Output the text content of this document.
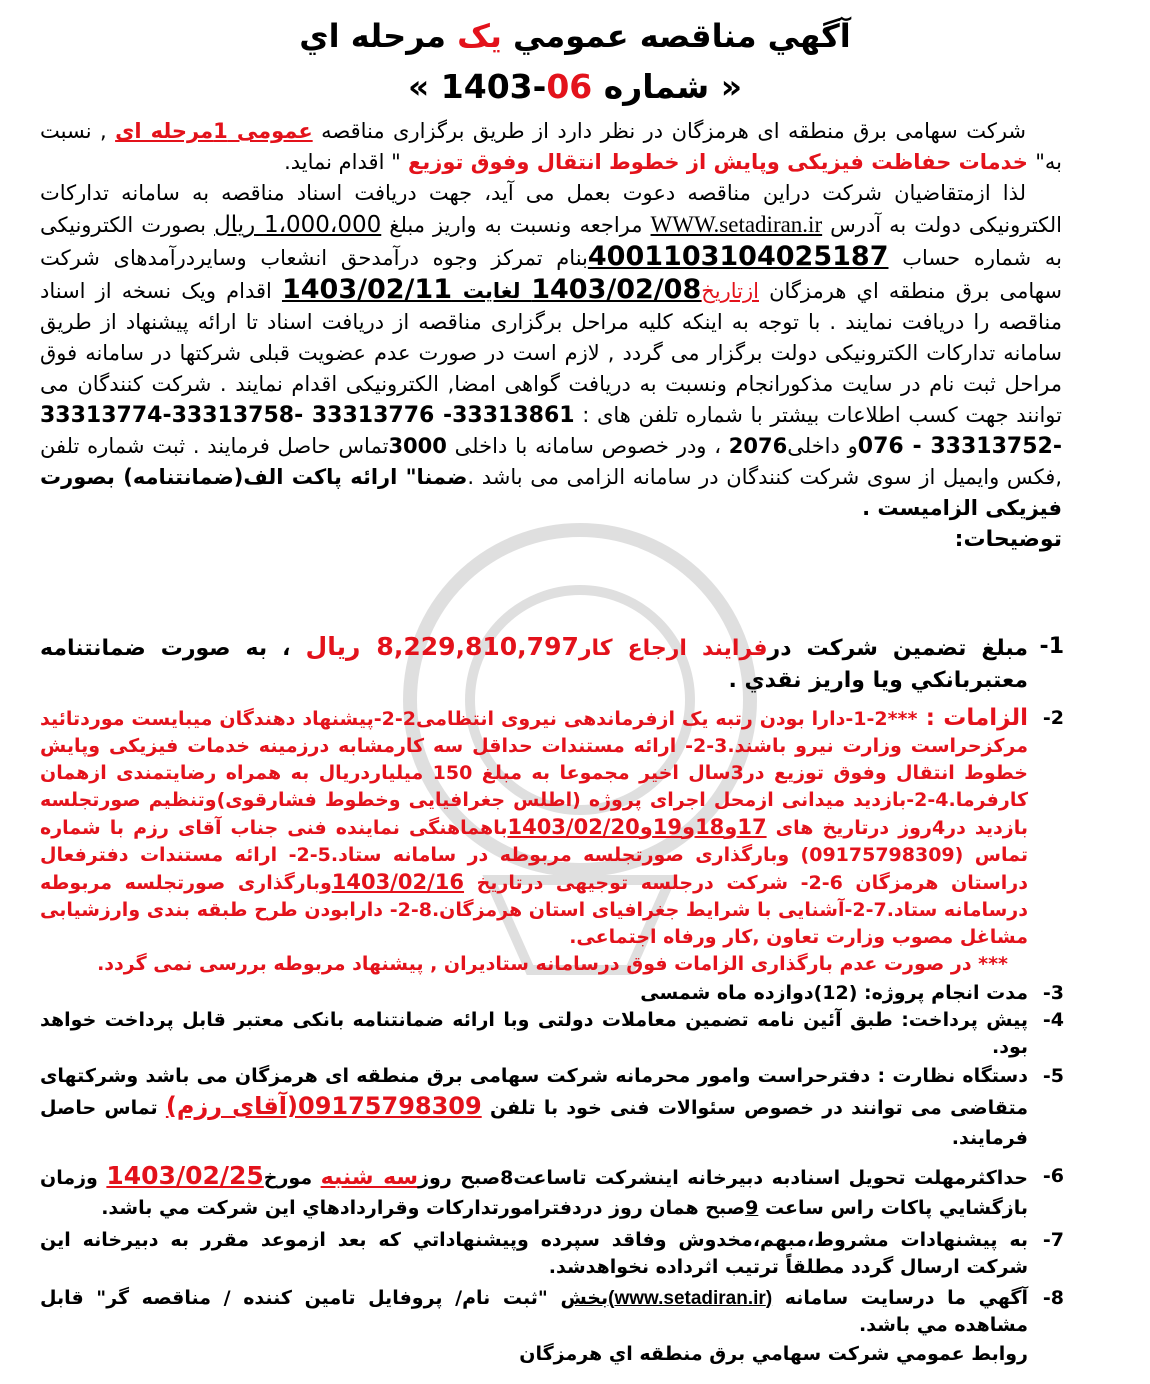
آگهي مناقصه عمومي يک مرحله اي
« شماره 06-1403 »

شرکت سهامی برق منطقه ای هرمزگان در نظر دارد از طریق برگزاری مناقصه عمومی 1مرحله ای , نسبت به" خدمات حفاظت فیزیکی وپایش از خطوط انتقال وفوق توزیع " اقدام نماید.

لذا ازمتقاضیان شرکت دراین مناقصه دعوت بعمل می آید، جهت دریافت اسناد مناقصه به سامانه تدارکات الکترونیکی دولت به آدرس WWW.setadiran.ir مراجعه ونسبت به واریز مبلغ 1،000،000 ریال بصورت الکترونیکی به شماره حساب 4001103104025187بنام تمرکز وجوه درآمدحق انشعاب وسایردرآمدهای شرکت سهامی برق منطقه اي هرمزگان ازتاریخ1403/02/08 لغایت 1403/02/11 اقدام ویک نسخه از اسناد مناقصه را دریافت نمایند . با توجه به اینکه کلیه مراحل برگزاری مناقصه از دریافت اسناد تا ارائه پیشنهاد از طریق سامانه تدارکات الکترونیکی دولت برگزار می گردد , لازم است در صورت عدم عضویت قبلی شرکتها در سامانه فوق مراحل ثبت نام در سایت مذکورانجام ونسبت به دریافت گواهی امضا, الکترونیکی اقدام نمایند . شرکت کنندگان می توانند جهت کسب اطلاعات بیشتر با شماره تلفن های : 33313861- 33313776 -33313758-33313774 -33313752 - 076و داخلی2076 ، ودر خصوص سامانه با داخلی 3000تماس حاصل فرمایند . ثبت شماره تلفن ,فکس وایمیل از سوی شرکت کنندگان در سامانه الزامی می باشد .ضمنا" ارائه پاکت الف(ضمانتنامه) بصورت فیزیکی الزامیست .

توضیحات:

1-
مبلغ تضمين شركت درفرايند ارجاع كار8,229,810,797 ریال ، به صورت ضمانتنامه معتبربانكي ويا واريز نقدي .
2-
الزامات : ***2-1-دارا بودن رتبه یک ازفرماندهی نیروی انتظامی2-2-پیشنهاد دهندگان میبایست موردتائید مرکزحراست وزارت نیرو باشند.3-2- ارائه مستندات حداقل سه کارمشابه درزمینه خدمات فیزیکی وپایش خطوط انتقال وفوق توزیع در3سال اخیر مجموعا به مبلغ 150 میلیاردریال به همراه رضایتمندی ازهمان کارفرما.4-2-بازدید میدانی ازمحل اجرای پروژه (اطلس جغرافیایی وخطوط فشارقوی)وتنظیم صورتجلسه بازدید در4روز درتاریخ های 17و18و19و1403/02/20باهماهنگی نماینده فنی جناب آقای رزم با شماره تماس (09175798309) وبارگذاری صورتجلسه مربوطه در سامانه ستاد.5-2- ارائه مستندات دفترفعال دراستان هرمزگان 6-2- شرکت درجلسه توجیهی درتاریخ 1403/02/16وبارگذاری صورتجلسه مربوطه درسامانه ستاد.7-2-آشنایی با شرایط جغرافیای استان هرمزگان.8-2- دارابودن طرح طبقه بندی وارزشیابی مشاغل مصوب وزارت تعاون ,کار ورفاه اجتماعی.
*** در صورت عدم بارگذاری الزامات فوق درسامانه ستادیران , پیشنهاد مربوطه بررسی نمی گردد.
3-
مدت انجام پروژه: (12)دوازده ماه شمسی
4-
پیش پرداخت: طبق آئین نامه تضمین معاملات دولتی وبا ارائه ضمانتنامه بانکی معتبر قابل پرداخت خواهد بود.
5-
دستگاه نظارت : دفترحراست وامور محرمانه شرکت سهامی برق منطقه ای هرمزگان می باشد وشرکتهای متقاضی می توانند در خصوص سئوالات فنی خود با تلفن 09175798309(آقای رزم) تماس حاصل فرمايند.
6-
حداكثرمهلت تحويل اسنادبه دبيرخانه اينشركت تاساعت8صبح روزسه شنبه مورخ1403/02/25 وزمان بازگشايي پاكات راس ساعت 9صبح همان روز دردفترامورتداركات وقراردادهاي اين شركت مي باشد.
7-
به پیشنهادات مشروط،مبهم،مخدوش وفاقد سپرده وپیشنهاداتي كه بعد ازموعد مقرر به دبيرخانه اين شركت ارسال گردد مطلقاً ترتیب اثرداده نخواهدشد.
8-
آگهي ما درسایت سامانه (www.setadiran.ir)بخش "ثبت نام/ پروفایل تامین كننده / مناقصه گر" قابل مشاهده مي باشد.
روابط عمومي شركت سهامي برق منطقه اي هرمزگان
